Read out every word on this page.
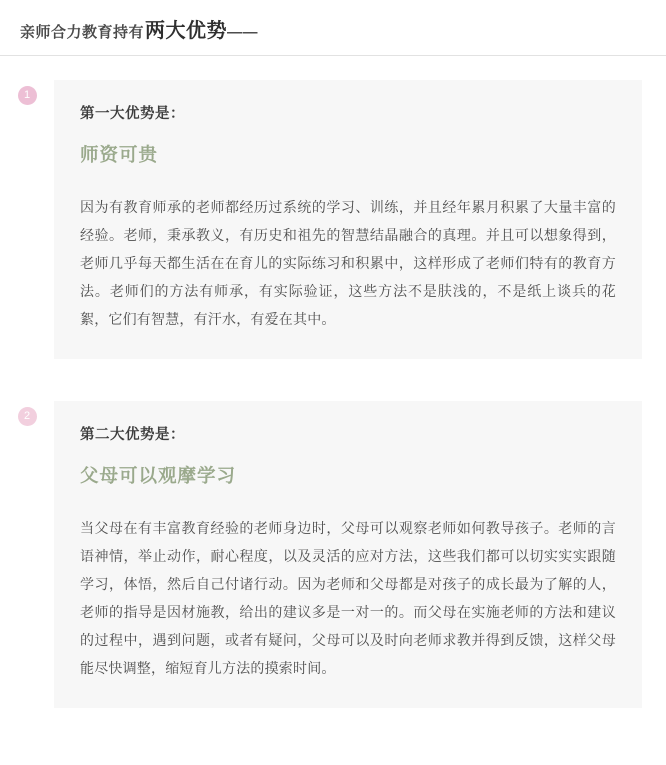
亲师合力教育持有 两大优势 ——
1
第一大优势是：
师资可贵
因为有教育师承的老师都经历过系统的学习、训练，并且经年累月积累了大量丰富的经验。老师，秉承教义，有历史和祖先的智慧结晶融合的真理。并且可以想象得到，老师几乎每天都生活在在育儿的实际练习和积累中，这样形成了老师们特有的教育方法。老师们的方法有师承，有实际验证，这些方法不是肤浅的，不是纸上谈兵的花絮，它们有智慧，有汗水，有爱在其中。
2
第二大优势是：
父母可以观摩学习
当父母在有丰富教育经验的老师身边时，父母可以观察老师如何教导孩子。老师的言语神情，举止动作，耐心程度，以及灵活的应对方法，这些我们都可以切实实实跟随学习，体悟，然后自己付诸行动。因为老师和父母都是对孩子的成长最为了解的人，老师的指导是因材施教，给出的建议多是一对一的。而父母在实施老师的方法和建议的过程中，遇到问题，或者有疑问，父母可以及时向老师求教并得到反馈，这样父母能尽快调整，缩短育儿方法的摸索时间。
